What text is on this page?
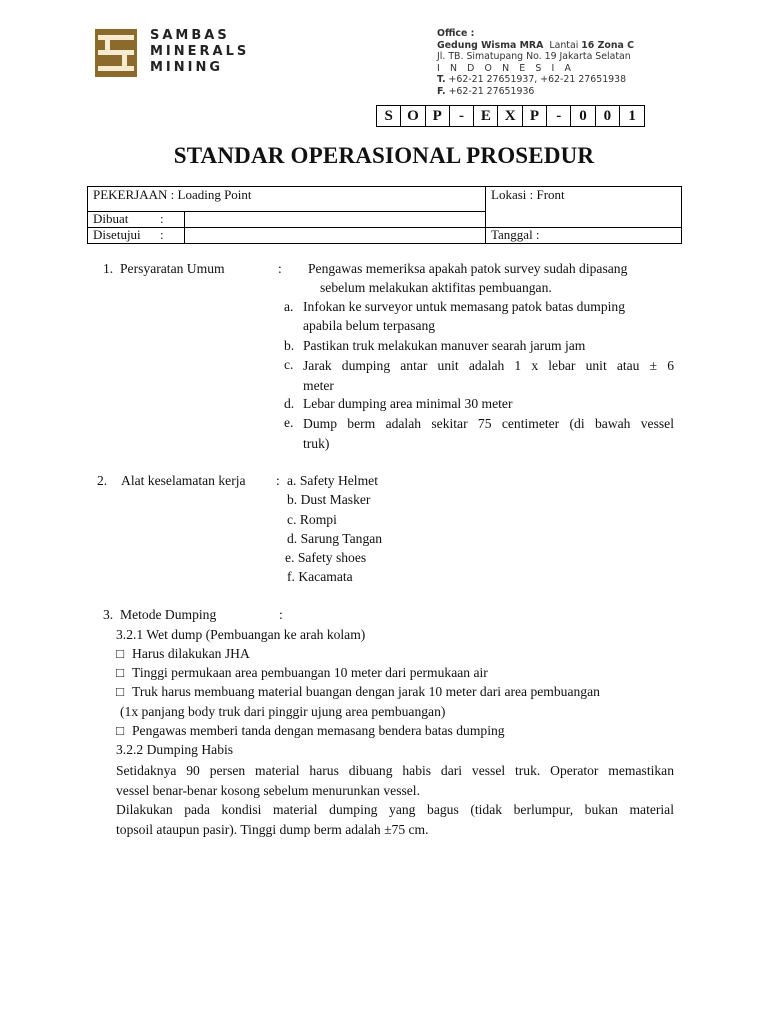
SAMBAS
MINERALS
MINING
Office :
Gedung Wisma MRA Lantai 16 Zona C
Jl. TB. Simatupang No. 19 Jakarta Selatan
I N D O N E S I A
T. +62-21 27651937, +62-21 27651938
F. +62-21 27651936
S O P	-	E X P	-	0	0	1
STANDAR OPERASIONAL PROSEDUR
PEKERJAAN : Loading Point	Lokasi : Front
Dibuat :
Disetujui :	Tanggal :
1. Persyaratan Umum	: Pengawas memeriksa apakah patok survey sudah dipasang
sebelum melakukan aktifitas pembuangan.
a. Infokan ke surveyor untuk memasang patok batas dumping
apabila belum terpasang
b. Pastikan truk melakukan manuver searah jarum jam
c. Jarak dumping antar unit adalah 1 x lebar unit atau ± 6
meter
d. Lebar dumping area minimal 30 meter
e. Dump berm adalah sekitar 75 centimeter (di bawah vessel
truk)
2. Alat keselamatan kerja : a. Safety Helmet
b. Dust Masker
c. Rompi
d. Sarung Tangan
e. Safety shoes
f. Kacamata
3. Metode Dumping	:
3.2.1 Wet dump (Pembuangan ke arah kolam)
□ Harus dilakukan JHA
□ Tinggi permukaan area pembuangan 10 meter dari permukaan air
□ Truk harus membuang material buangan dengan jarak 10 meter dari area pembuangan
(1x panjang body truk dari pinggir ujung area pembuangan)
□ Pengawas memberi tanda dengan memasang bendera batas dumping
3.2.2 Dumping Habis
Setidaknya 90 persen material harus dibuang habis dari vessel truk. Operator memastikan
vessel benar-benar kosong sebelum menurunkan vessel.
Dilakukan pada kondisi material dumping yang bagus (tidak berlumpur, bukan material
topsoil ataupun pasir). Tinggi dump berm adalah ±75 cm.
